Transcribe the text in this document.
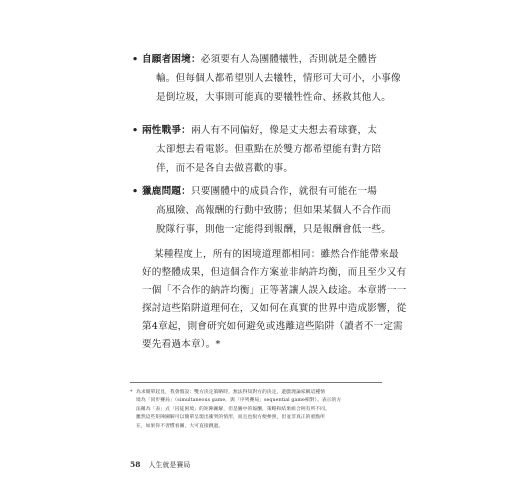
• 自願者困境：必須要有人為團體犧牲，否則就是全體皆
輸。但每個人都希望別人去犧牲，情形可大可小，小事像
是倒垃圾，大事則可能真的要犧牲性命、拯救其他人。
• 兩性戰爭：兩人有不同偏好，像是丈夫想去看球賽，太
太卻想去看電影。但重點在於雙方都希望能有對方陪
伴，而不是各自去做喜歡的事。
• 獵鹿問題：只要團體中的成員合作，就很有可能在一場
高風險、高報酬的行動中致勝；但如果某個人不合作而
脫隊行事，則他一定能得到報酬，只是報酬會低一些。
某種程度上，所有的困境道理都相同：雖然合作能帶來最
好的整體成果，但這個合作方案並非納許均衡，而且至少又有
一個「不合作的納許均衡」正等著讓人誤入歧途。本章將一一
探討這些陷阱道理何在，又如何在真實的世界中造成影響，從
第4章起，則會研究如何避免或逃離這些陷阱（讀者不一定需
要先看過本章）。*
* 為求簡單起見，我會假設：雙方決定策略時，無法得知對方的決定，遊戲理論家稱這種情
境為「同步賽局」（simultaneous game，與「序列賽局」sequential game相對）。表示的方
法稱為「表」式「囚徒困境」的矩陣圖解，但是圖中的報酬，策略和結果組合則有所不同。
雖然這些矩陣圖解可以簡單呈現出衝突的情形，而且也很方便參照，但並非真正的重點所
在，如果你不習慣看圖，大可直接跳過。
58 人生就是賽局
